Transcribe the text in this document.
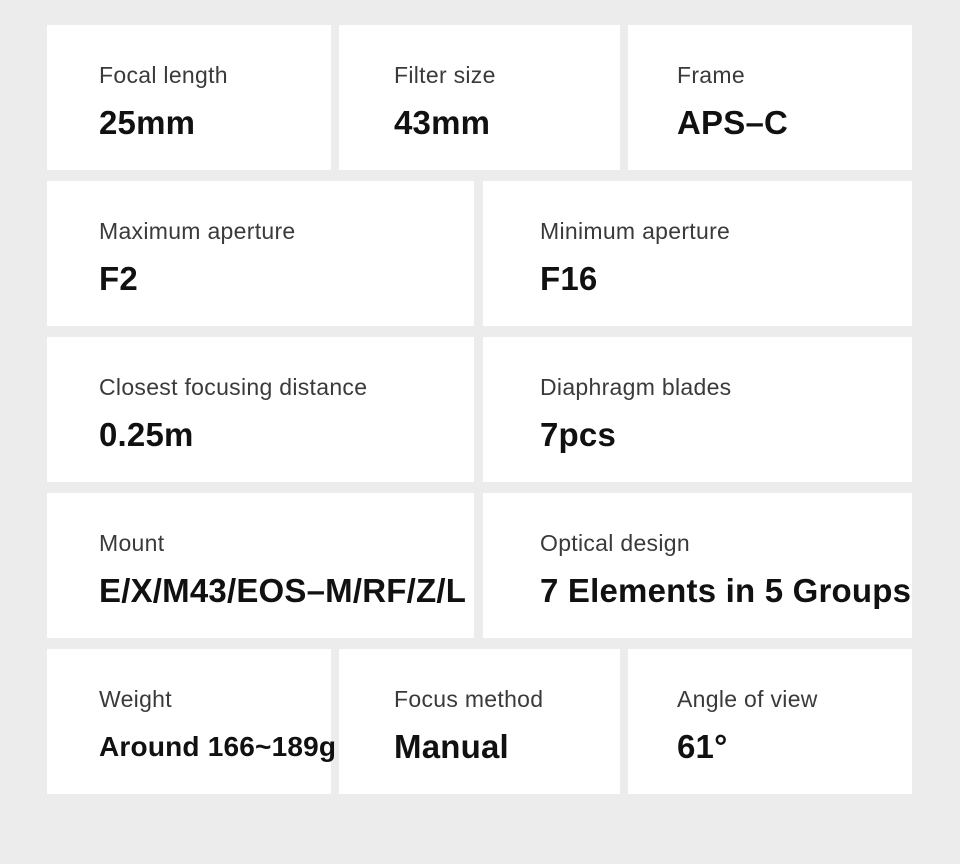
Focal length
25mm
Filter size
43mm
Frame
APS–C
Maximum aperture
F2
Minimum aperture
F16
Closest focusing distance
0.25m
Diaphragm blades
7pcs
Mount
E/X/M43/EOS–M/RF/Z/L
Optical design
7 Elements in 5 Groups
Weight
Around 166~189g
Focus method
Manual
Angle of view
61°
